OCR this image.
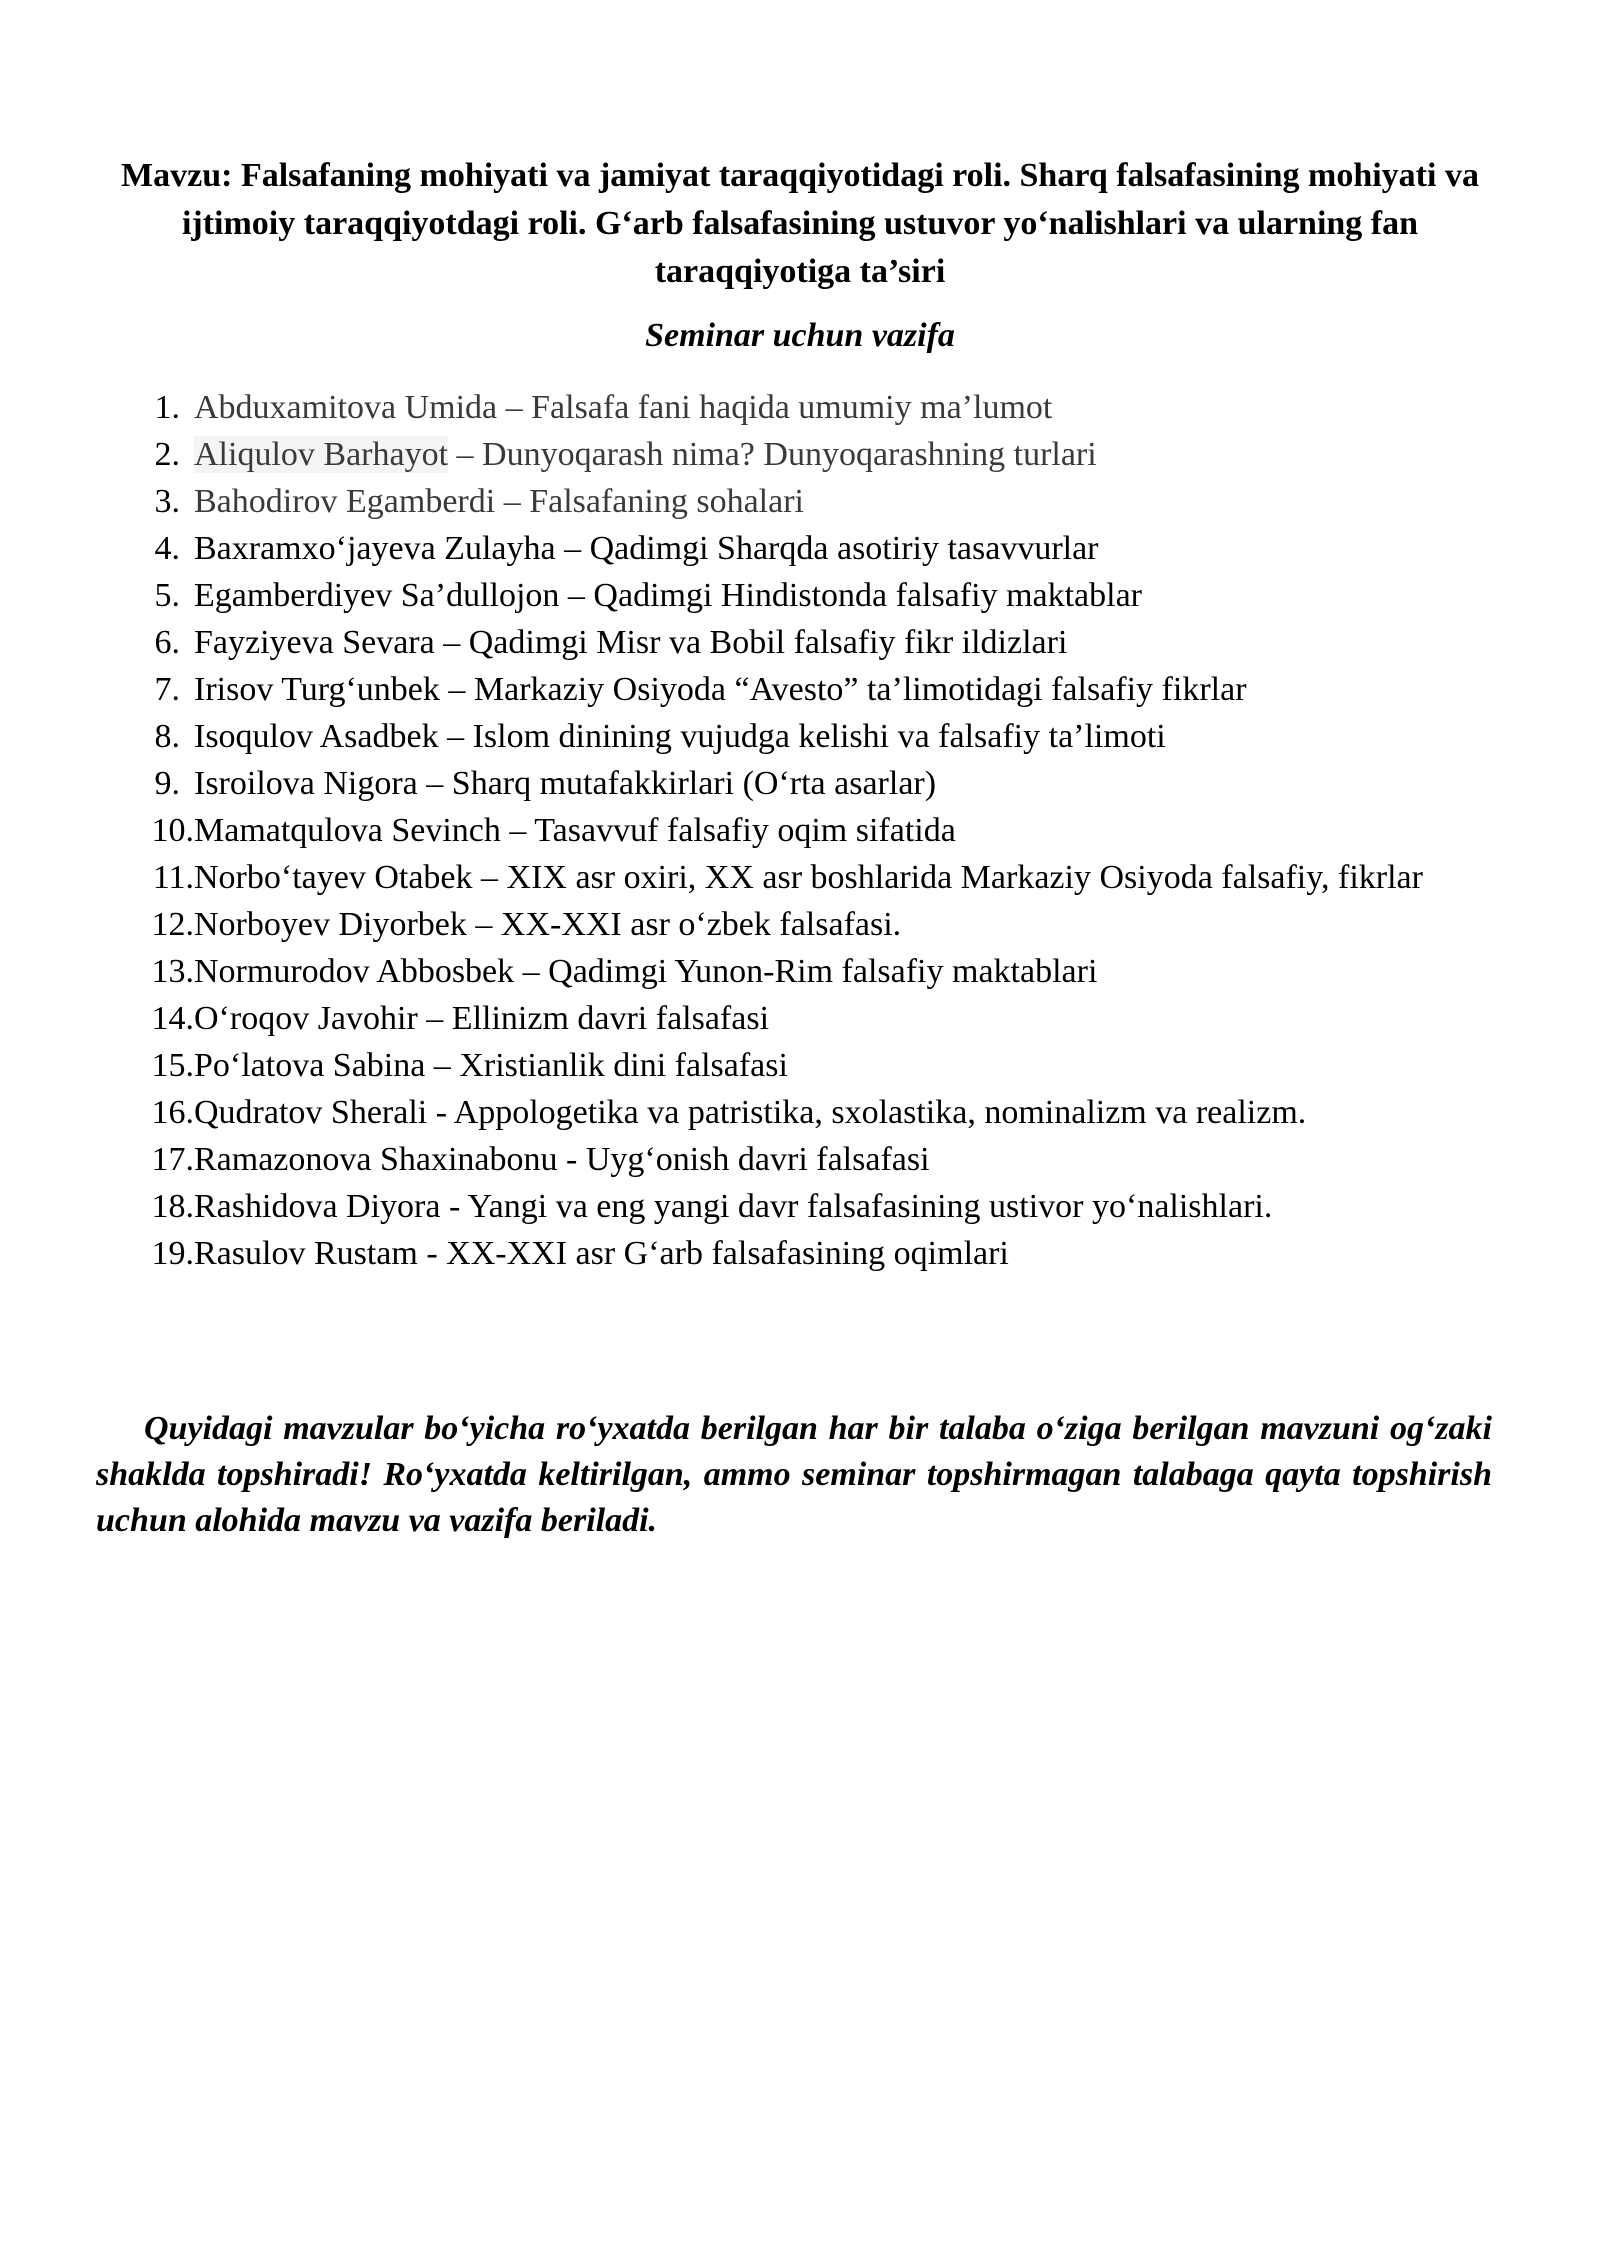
Mavzu: Falsafaning mohiyati va jamiyat taraqqiyotidagi roli. Sharq falsafasining mohiyati va ijtimoiy taraqqiyotdagi roli. G‘arb falsafasining ustuvor yo‘nalishlari va ularning fan taraqqiyotiga ta’siri

Seminar uchun vazifa

1. Abduxamitova Umida – Falsafa fani haqida umumiy ma’lumot
2. Aliqulov Barhayot – Dunyoqarash nima? Dunyoqarashning turlari
3. Bahodirov Egamberdi – Falsafaning sohalari
4. Baxramxo‘jayeva Zulayha – Qadimgi Sharqda asotiriy tasavvurlar
5. Egamberdiyev Sa’dullojon – Qadimgi Hindistonda falsafiy maktablar
6. Fayziyeva Sevara – Qadimgi Misr va Bobil falsafiy fikr ildizlari
7. Irisov Turg‘unbek – Markaziy Osiyoda “Avesto” ta’limotidagi falsafiy fikrlar
8. Isoqulov Asadbek – Islom dinining vujudga kelishi va falsafiy ta’limoti
9. Isroilova Nigora – Sharq mutafakkirlari (O‘rta asarlar)
10. Mamatqulova Sevinch – Tasavvuf falsafiy oqim sifatida
11. Norbo‘tayev Otabek – XIX asr oxiri, XX asr boshlarida Markaziy Osiyoda falsafiy, fikrlar
12. Norboyev Diyorbek – XX-XXI asr o‘zbek falsafasi.
13. Normurodov Abbosbek – Qadimgi Yunon-Rim falsafiy maktablari
14. O‘roqov Javohir – Ellinizm davri falsafasi
15. Po‘latova Sabina – Xristianlik dini falsafasi
16. Qudratov Sherali - Appologetika va patristika, sxolastika, nominalizm va realizm.
17. Ramazonova Shaxinabonu - Uyg‘onish davri falsafasi
18. Rashidova Diyora - Yangi va eng yangi davr falsafasining ustivor yo‘nalishlari.
19. Rasulov Rustam - XX-XXI asr G‘arb falsafasining oqimlari

Quyidagi mavzular bo‘yicha ro‘yxatda berilgan har bir talaba o‘ziga berilgan mavzuni og‘zaki shaklda topshiradi! Ro‘yxatda keltirilgan, ammo seminar topshirmagan talabaga qayta topshirish uchun alohida mavzu va vazifa beriladi.
